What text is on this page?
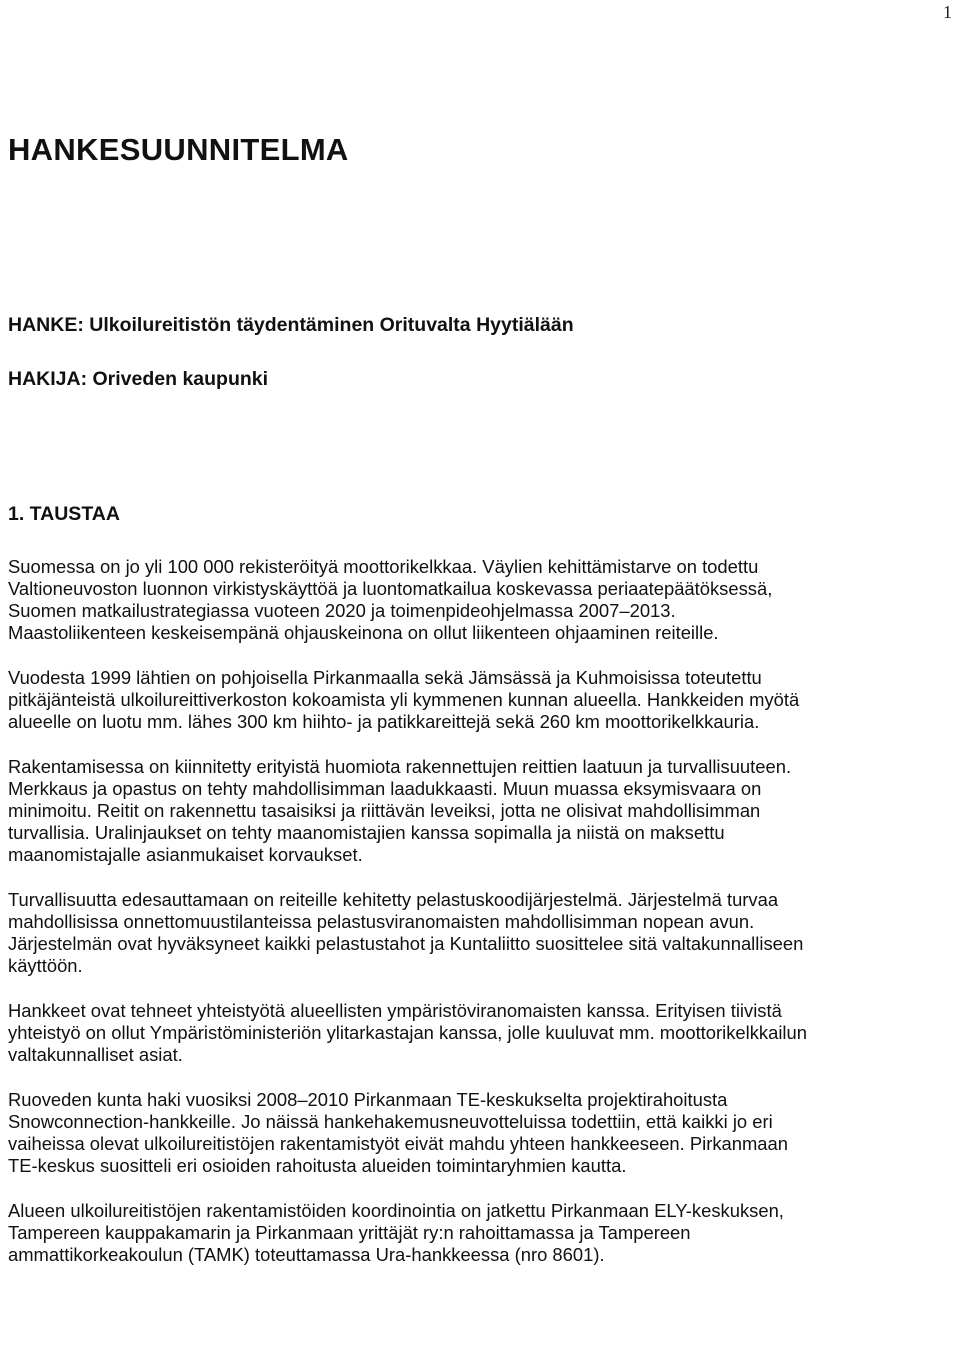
1
HANKESUUNNITELMA

HANKE: Ulkoilureitistön täydentäminen Orituvalta Hyytiälään

HAKIJA: Oriveden kaupunki

1. TAUSTAA

Suomessa on jo yli 100 000 rekisteröityä moottorikelkkaa. Väylien kehittämistarve on todettu
Valtioneuvoston luonnon virkistyskäyttöä ja luontomatkailua koskevassa periaatepäätöksessä,
Suomen matkailustrategiassa vuoteen 2020 ja toimenpideohjelmassa 2007–2013.
Maastoliikenteen keskeisempänä ohjauskeinona on ollut liikenteen ohjaaminen reiteille.

Vuodesta 1999 lähtien on pohjoisella Pirkanmaalla sekä Jämsässä ja Kuhmoisissa toteutettu
pitkäjänteistä ulkoilureittiverkoston kokoamista yli kymmenen kunnan alueella. Hankkeiden myötä
alueelle on luotu mm. lähes 300 km hiihto- ja patikkareittejä sekä 260 km moottorikelkkauria.

Rakentamisessa on kiinnitetty erityistä huomiota rakennettujen reittien laatuun ja turvallisuuteen.
Merkkaus ja opastus on tehty mahdollisimman laadukkaasti. Muun muassa eksymisvaara on
minimoitu. Reitit on rakennettu tasaisiksi ja riittävän leveiksi, jotta ne olisivat mahdollisimman
turvallisia. Uralinjaukset on tehty maanomistajien kanssa sopimalla ja niistä on maksettu
maanomistajalle asianmukaiset korvaukset.

Turvallisuutta edesauttamaan on reiteille kehitetty pelastuskoodijärjestelmä. Järjestelmä turvaa
mahdollisissa onnettomuustilanteissa pelastusviranomaisten mahdollisimman nopean avun.
Järjestelmän ovat hyväksyneet kaikki pelastustahot ja Kuntaliitto suosittelee sitä valtakunnalliseen
käyttöön.

Hankkeet ovat tehneet yhteistyötä alueellisten ympäristöviranomaisten kanssa. Erityisen tiivistä
yhteistyö on ollut Ympäristöministeriön ylitarkastajan kanssa, jolle kuuluvat mm. moottorikelkkailun
valtakunnalliset asiat.

Ruoveden kunta haki vuosiksi 2008–2010 Pirkanmaan TE-keskukselta projektirahoitusta
Snowconnection-hankkeille. Jo näissä hankehakemusneuvotteluissa todettiin, että kaikki jo eri
vaiheissa olevat ulkoilureitistöjen rakentamistyöt eivät mahdu yhteen hankkeeseen. Pirkanmaan
TE-keskus suositteli eri osioiden rahoitusta alueiden toimintaryhmien kautta.

Alueen ulkoilureitistöjen rakentamistöiden koordinointia on jatkettu Pirkanmaan ELY-keskuksen,
Tampereen kauppakamarin ja Pirkanmaan yrittäjät ry:n rahoittamassa ja Tampereen
ammattikorkeakoulun (TAMK) toteuttamassa Ura-hankkeessa (nro 8601).
